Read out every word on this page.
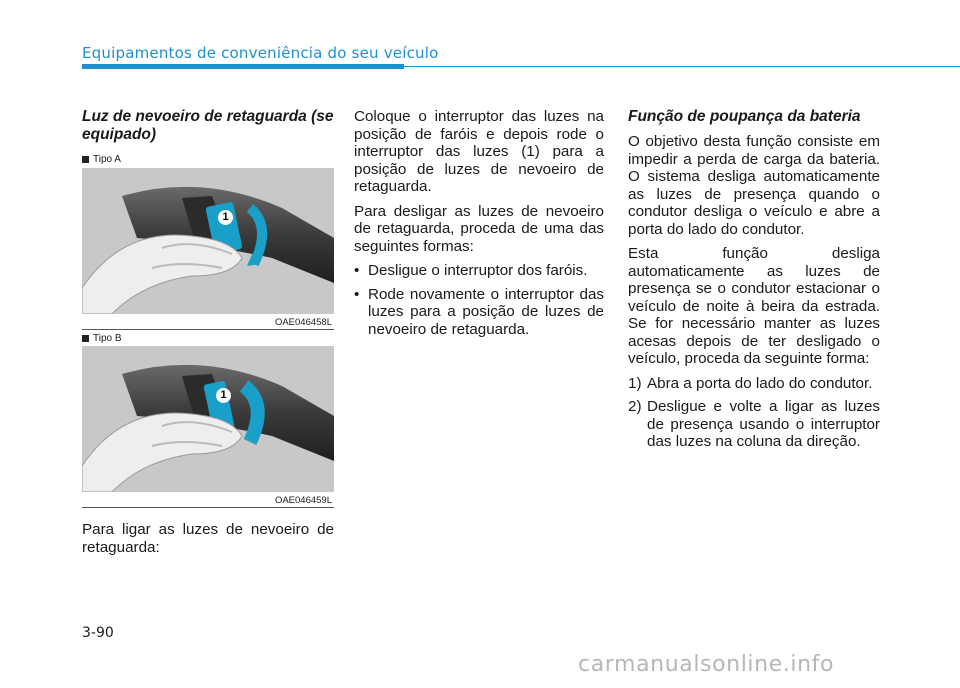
Equipamentos de conveniência do seu veículo
Luz de nevoeiro de retaguarda (se equipado)
Tipo A
1
OAE046458L
Tipo B
1
OAE046459L
Para ligar as luzes de nevoeiro de retaguarda:

Coloque o interruptor das luzes na posição de faróis e depois rode o interruptor das luzes (1) para a posição de luzes de nevoeiro de retaguarda.

Para desligar as luzes de nevoeiro de retaguarda, proceda de uma das seguintes formas:

• Desligue o interruptor dos faróis.
• Rode novamente o interruptor das luzes para a posição de luzes de nevoeiro de retaguarda.
Função de poupança da bateria

O objetivo desta função consiste em impedir a perda de carga da bateria. O sistema desliga automaticamente as luzes de presença quando o condutor desliga o veículo e abre a porta do lado do condutor.

Esta função desliga automaticamente as luzes de presença se o condutor estacionar o veículo de noite à beira da estrada. Se for necessário manter as luzes acesas depois de ter desligado o veículo, proceda da seguinte forma:

1) Abra a porta do lado do condutor.
2) Desligue e volte a ligar as luzes de presença usando o interruptor das luzes na coluna da direção.
3-90
carmanualsonline.info
